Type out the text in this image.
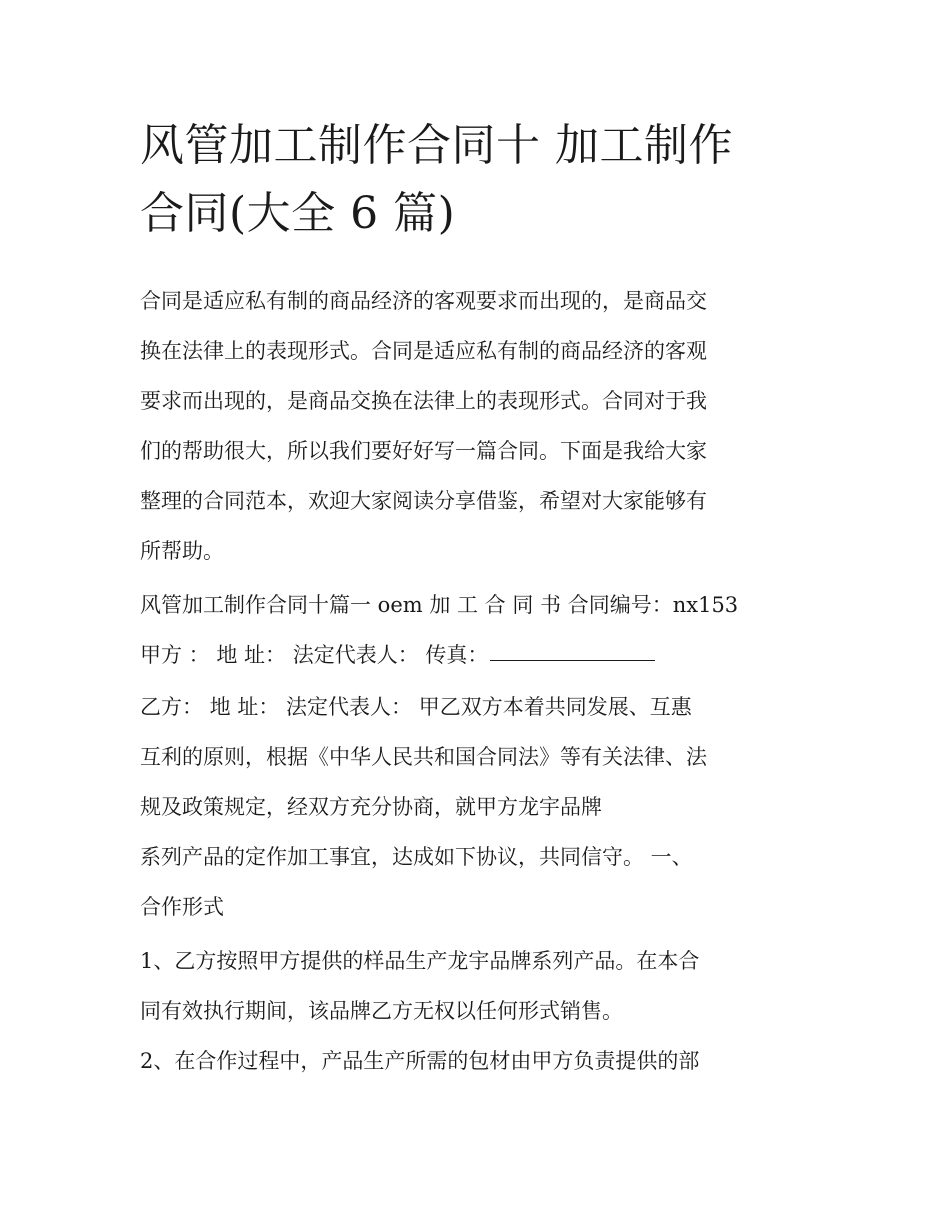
风管加工制作合同十 加工制作
合同(大全 6 篇)
合同是适应私有制的商品经济的客观要求而出现的，是商品交
换在法律上的表现形式。合同是适应私有制的商品经济的客观
要求而出现的，是商品交换在法律上的表现形式。合同对于我
们的帮助很大，所以我们要好好写一篇合同。下面是我给大家
整理的合同范本，欢迎大家阅读分享借鉴，希望对大家能够有
所帮助。
风管加工制作合同十篇一 oem 加 工 合 同 书 合同编号：nx153
甲方 ： 地 址： 法定代表人： 传真：
乙方： 地 址： 法定代表人： 甲乙双方本着共同发展、互惠
互利的原则，根据《中华人民共和国合同法》等有关法律、法
规及政策规定，经双方充分协商，就甲方龙宇品牌
系列产品的定作加工事宜，达成如下协议，共同信守。 一、
合作形式
1、乙方按照甲方提供的样品生产龙宇品牌系列产品。在本合
同有效执行期间，该品牌乙方无权以任何形式销售。
2、在合作过程中，产品生产所需的包材由甲方负责提供的部
